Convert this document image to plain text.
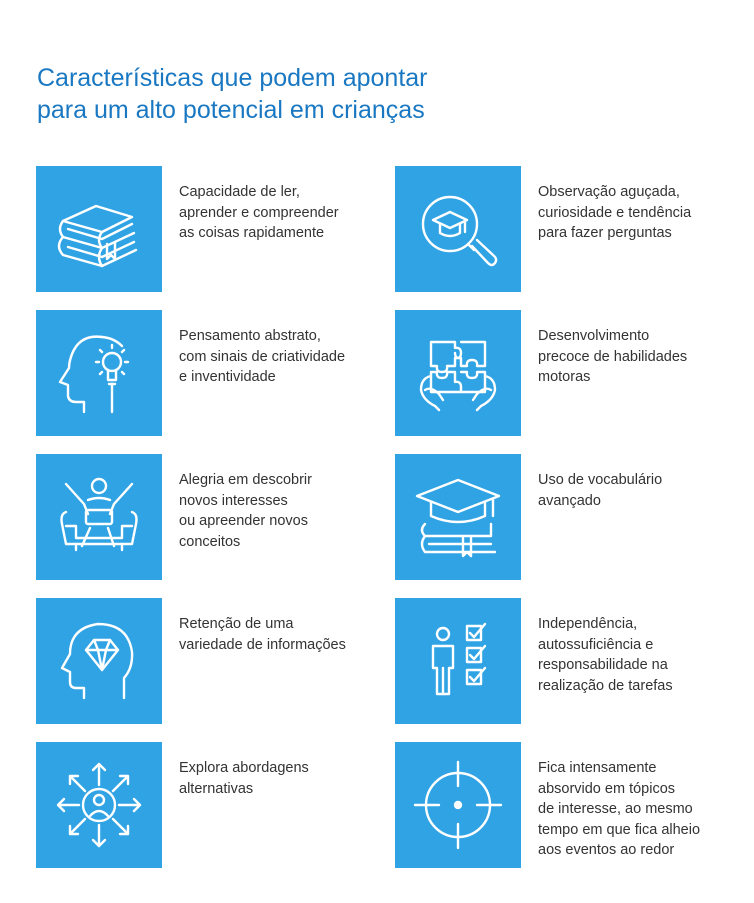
Características que podem apontar
para um alto potencial em crianças

Capacidade de ler,
aprender e compreender
as coisas rapidamente

Observação aguçada,
curiosidade e tendência
para fazer perguntas

Pensamento abstrato,
com sinais de criatividade
e inventividade

Desenvolvimento
precoce de habilidades
motoras

Alegria em descobrir
novos interesses
ou apreender novos
conceitos

Uso de vocabulário
avançado

Retenção de uma
variedade de informações

Independência,
autossuficiência e
responsabilidade na
realização de tarefas

Explora abordagens
alternativas

Fica intensamente
absorvido em tópicos
de interesse, ao mesmo
tempo em que fica alheio
aos eventos ao redor
